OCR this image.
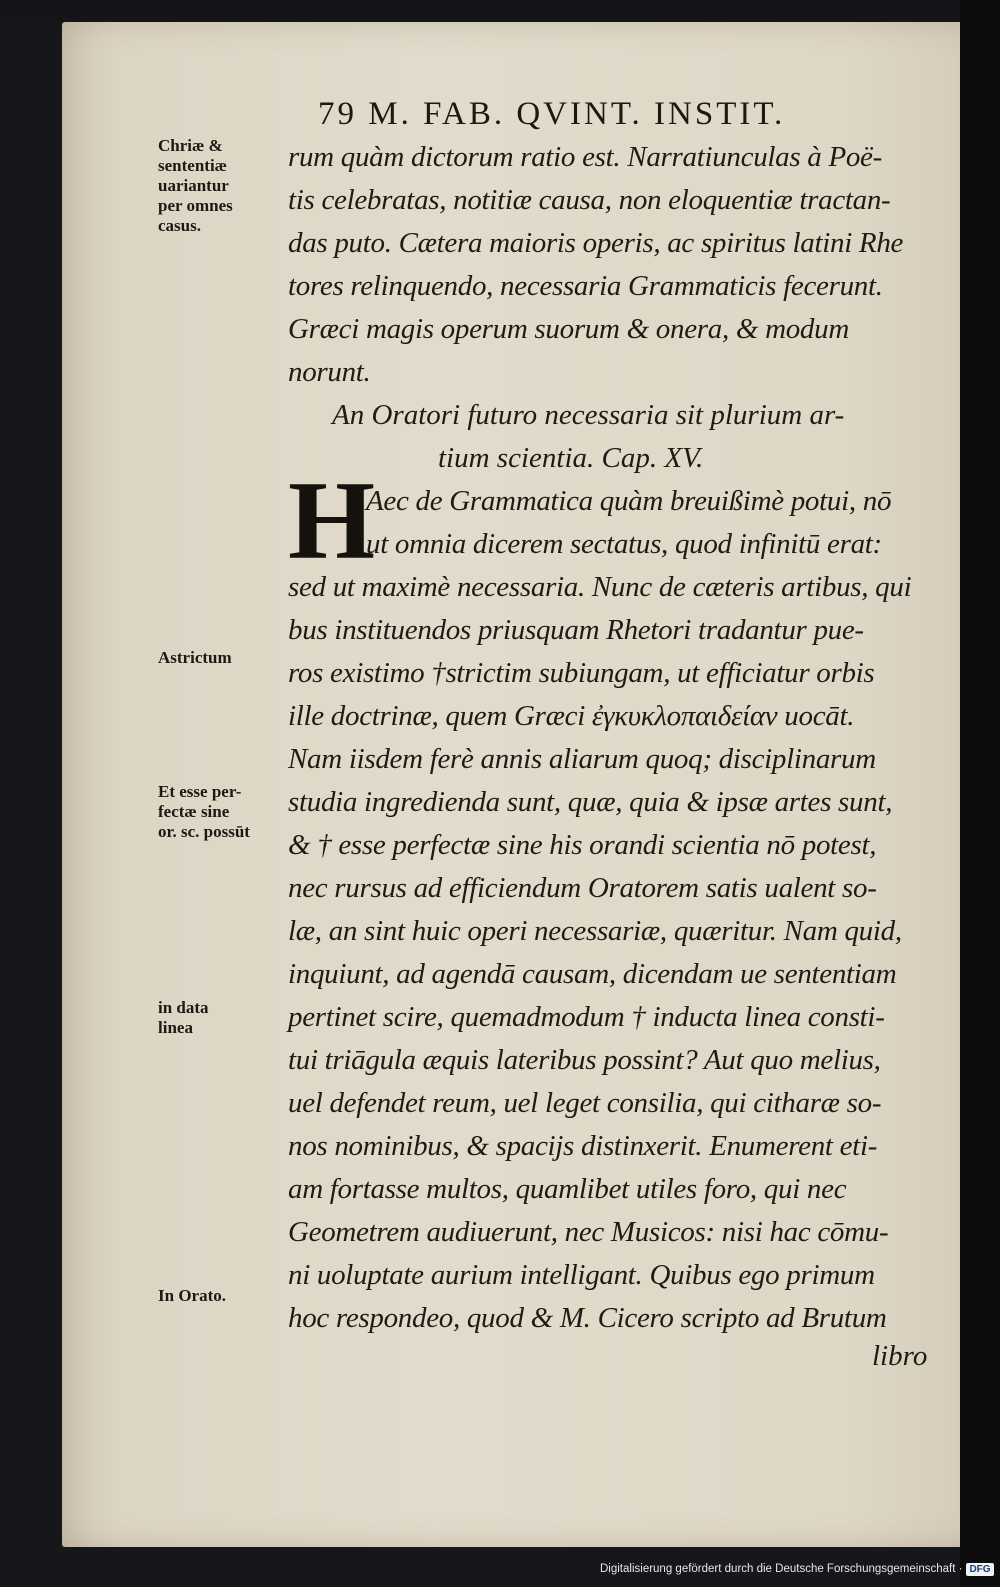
79 M. FAB. QVINT. INSTIT.
rum quàm dictorum ratio est. Narratiunculas à Poë-
tis celebratas, notitiæ causa, non eloquentiæ tractan-
das puto. Cætera maioris operis, ac spiritus latini Rhe
tores relinquendo, necessaria Grammaticis fecerunt.
Græci magis operum suorum & onera, & modum
norunt.
An Oratori futuro necessaria sit plurium ar-
tium scientia. Cap. XV.
Aec de Grammatica quàm breuißimè potui, nō
ut omnia dicerem sectatus, quod infinitū erat:
sed ut maximè necessaria. Nunc de cæteris artibus, qui
bus instituendos priusquam Rhetori tradantur pue-
ros existimo †strictim subiungam, ut efficiatur orbis
ille doctrinæ, quem Græci ἐγκυκλοπαιδείαν uocāt.
Nam iisdem ferè annis aliarum quoq; disciplinarum
studia ingredienda sunt, quæ, quia & ipsæ artes sunt,
& † esse perfectæ sine his orandi scientia nō potest,
nec rursus ad efficiendum Oratorem satis ualent so-
læ, an sint huic operi necessariæ, quæritur. Nam quid,
inquiunt, ad agendā causam, dicendam ue sententiam
pertinet scire, quemadmodum † inducta linea consti-
tui triāgula æquis lateribus possint? Aut quo melius,
uel defendet reum, uel leget consilia, qui citharæ so-
nos nominibus, & spacijs distinxerit. Enumerent eti-
am fortasse multos, quamlibet utiles foro, qui nec
Geometrem audiuerunt, nec Musicos: nisi hac cōmu-
ni uoluptate aurium intelligant. Quibus ego primum
hoc respondeo, quod & M. Cicero scripto ad Brutum
H
Chriæ &
sententiæ
uariantur
per omnes
casus.
Astrictum
Et esse per-
fectæ sine
or. sc. possūt
in data
linea
In Orato.
libro
Digitalisierung gefördert durch die Deutsche Forschungsgemeinschaft · DFG
